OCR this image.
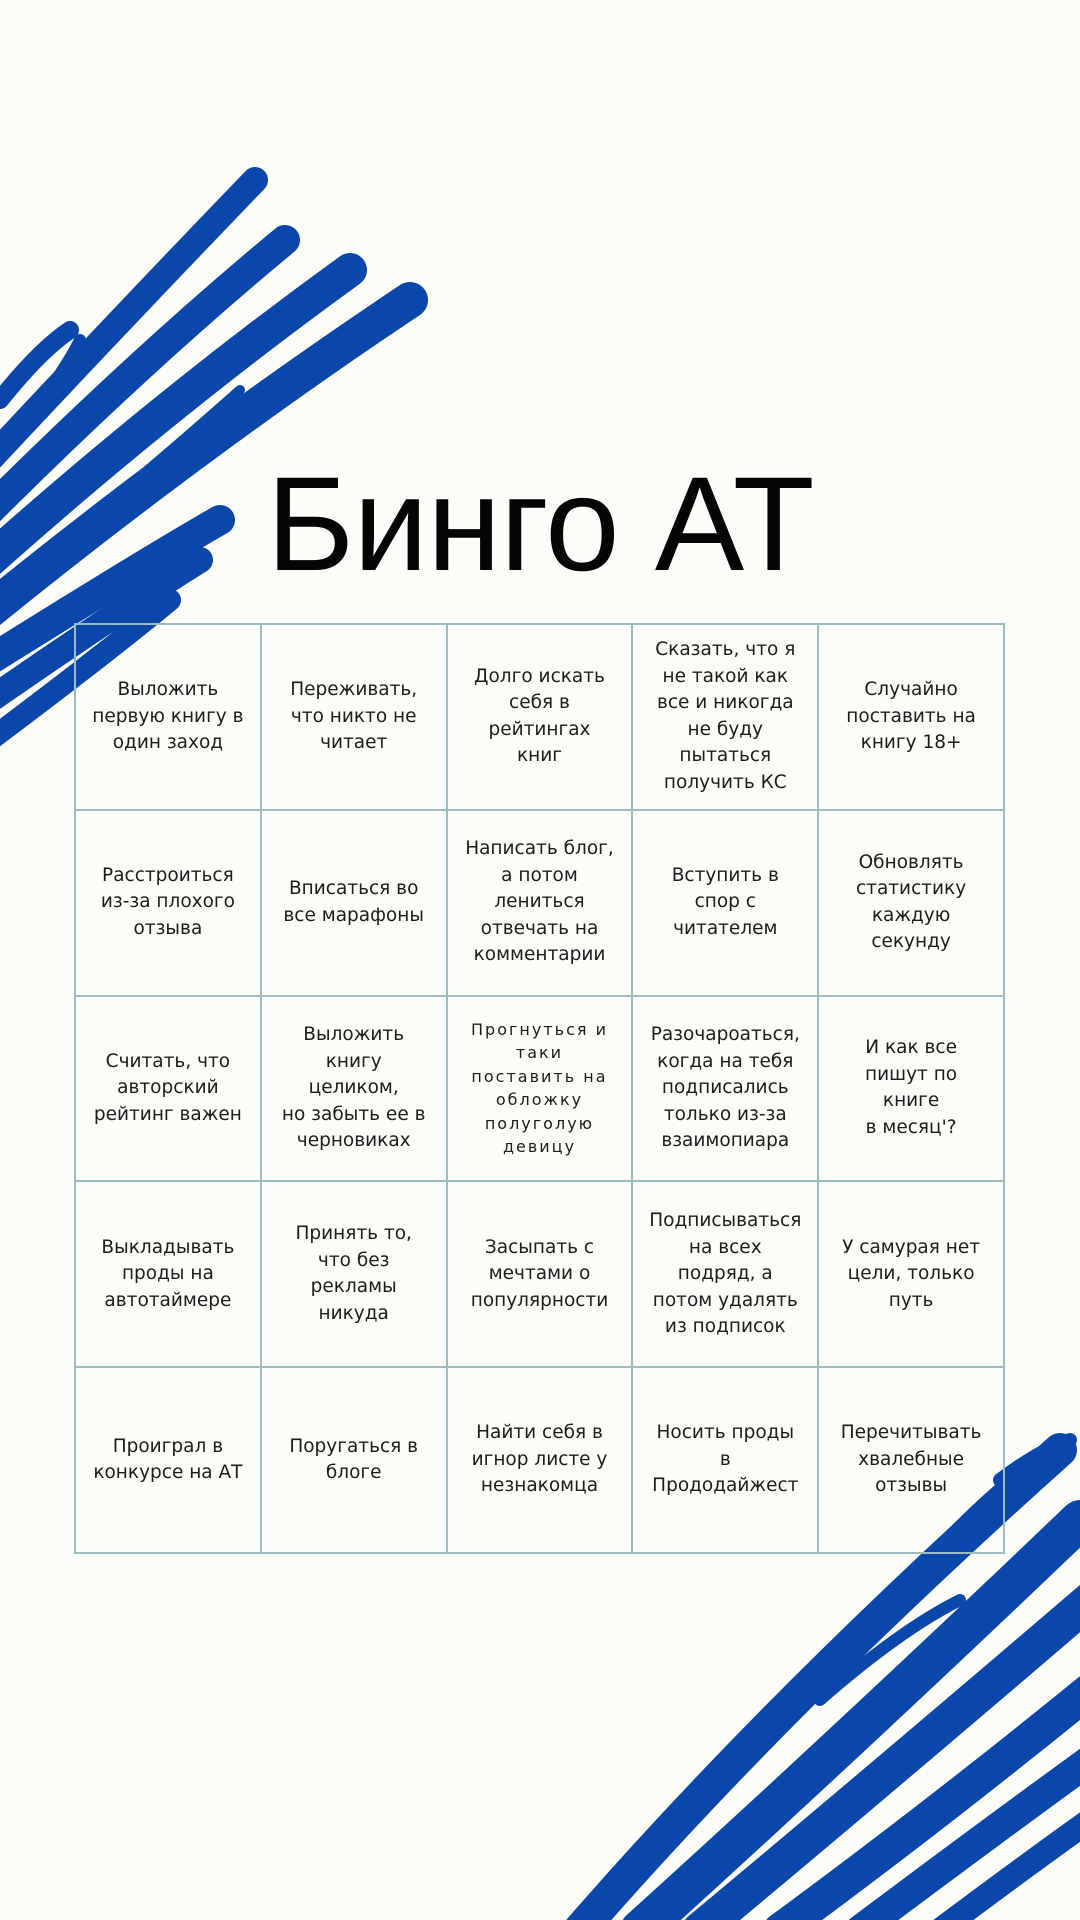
Бинго АТ
Выложить
первую книгу в
один заход
Переживать,
что никто не
читает
Долго искать
себя в
рейтингах книг
Сказать, что я
не такой как
все и никогда
не буду
пытаться
получить КС
Случайно
поставить на
книгу 18+
Расстроиться
из-за плохого
отзыва
Вписаться во
все марафоны
Написать блог,
а потом
лениться
отвечать на
комментарии
Вступить в
спор с
читателем
Обновлять
статистику
каждую
секунду
Считать, что
авторский
рейтинг важен
Выложить
книгу целиком,
но забыть ее в
черновиках
Прогнуться и
таки
поставить на
обложку
полуголую
девицу
Разочароаться,
когда на тебя
подписались
только из-за
взаимопиара
И как все
пишут по книге
в месяц'?
Выкладывать
проды на
автотаймере
Принять то,
что без
рекламы
никуда
Засыпать с
мечтами о
популярности
Подписываться
на всех
подряд, а
потом удалять
из подписок
У самурая нет
цели, только
путь
Проиграл в
конкурсе на АТ
Поругаться в
блоге
Найти себя в
игнор листе у
незнакомца
Носить проды
в
Прододайжест
Перечитывать
хвалебные
отзывы
